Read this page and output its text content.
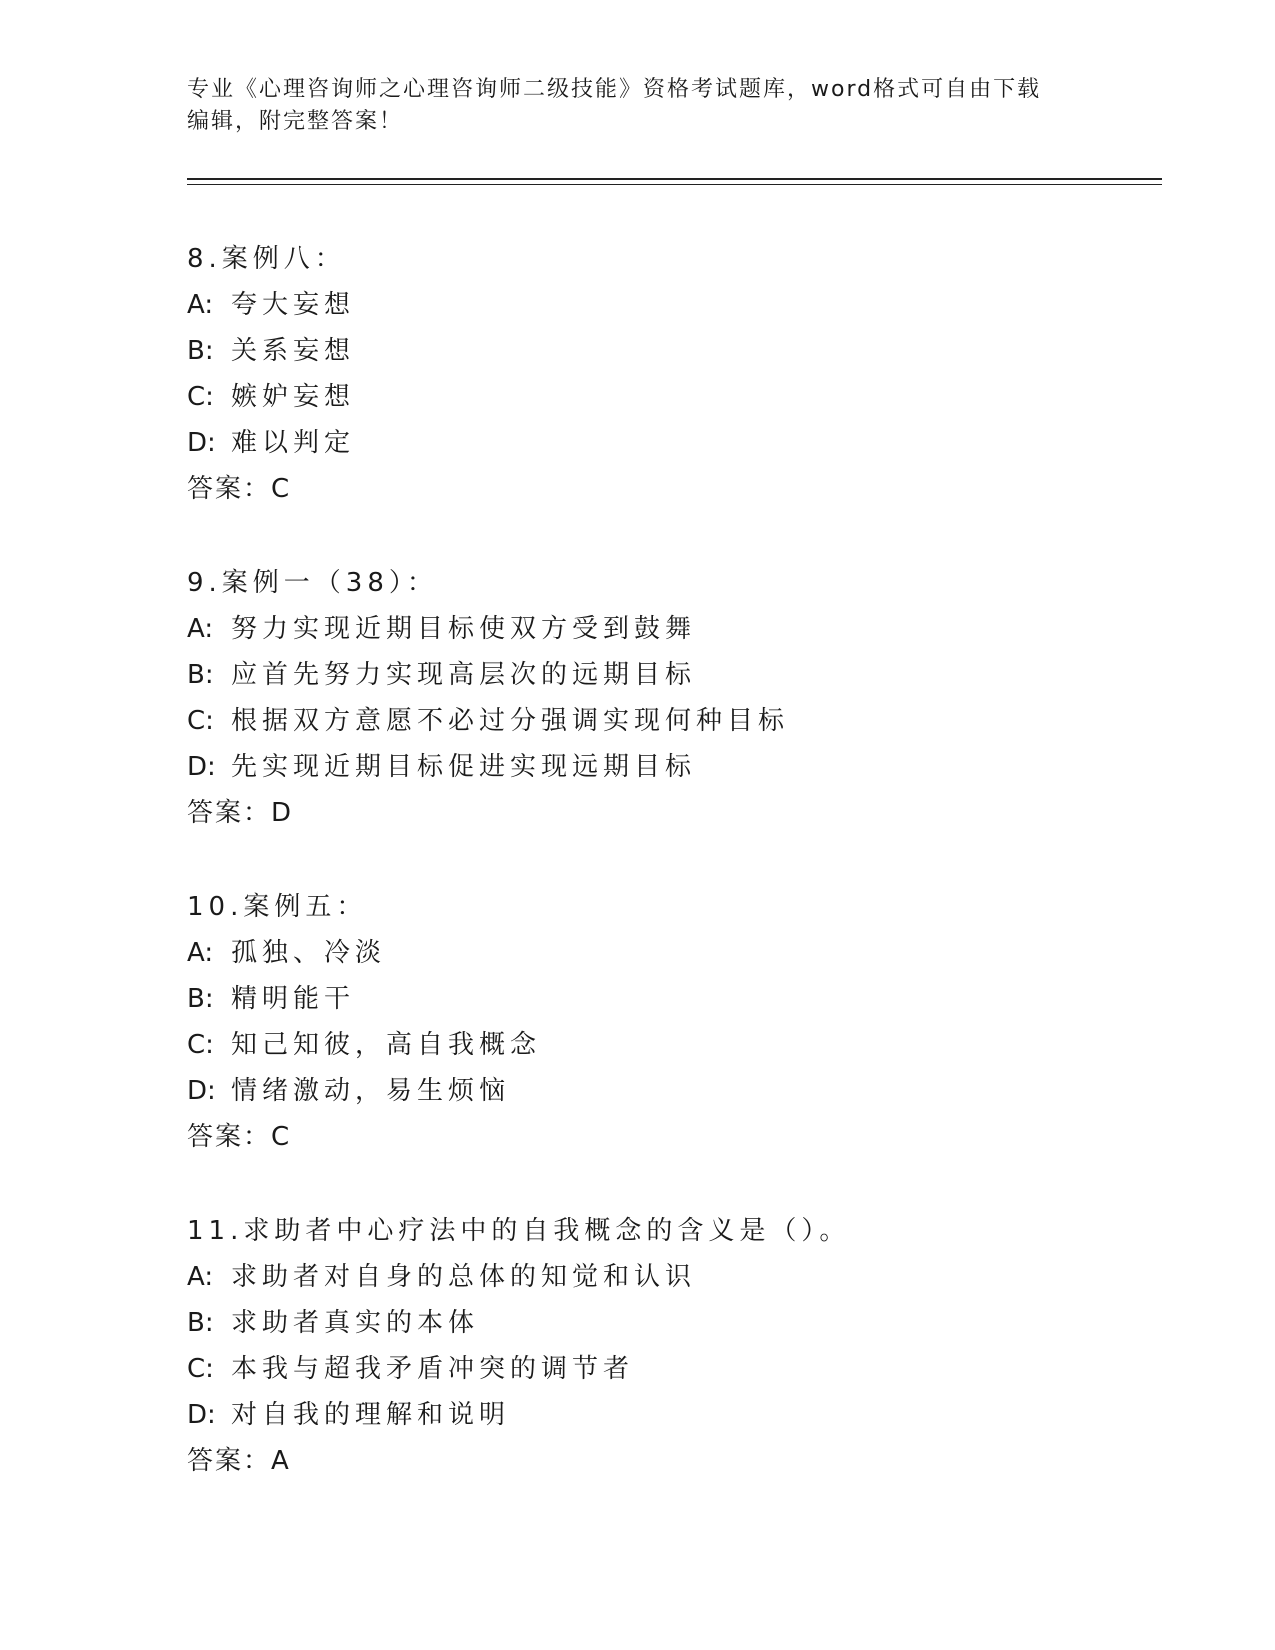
专业《心理咨询师之心理咨询师二级技能》资格考试题库，word格式可自由下载
编辑，附完整答案！
8.案例八：
A: 夸大妄想
B: 关系妄想
C: 嫉妒妄想
D: 难以判定
答案：C
9.案例一（38）：
A: 努力实现近期目标使双方受到鼓舞
B: 应首先努力实现高层次的远期目标
C: 根据双方意愿不必过分强调实现何种目标
D: 先实现近期目标促进实现远期目标
答案：D
10.案例五：
A: 孤独、冷淡
B: 精明能干
C: 知己知彼，高自我概念
D: 情绪激动，易生烦恼
答案：C
11.求助者中心疗法中的自我概念的含义是（）。
A: 求助者对自身的总体的知觉和认识
B: 求助者真实的本体
C: 本我与超我矛盾冲突的调节者
D: 对自我的理解和说明
答案：A
